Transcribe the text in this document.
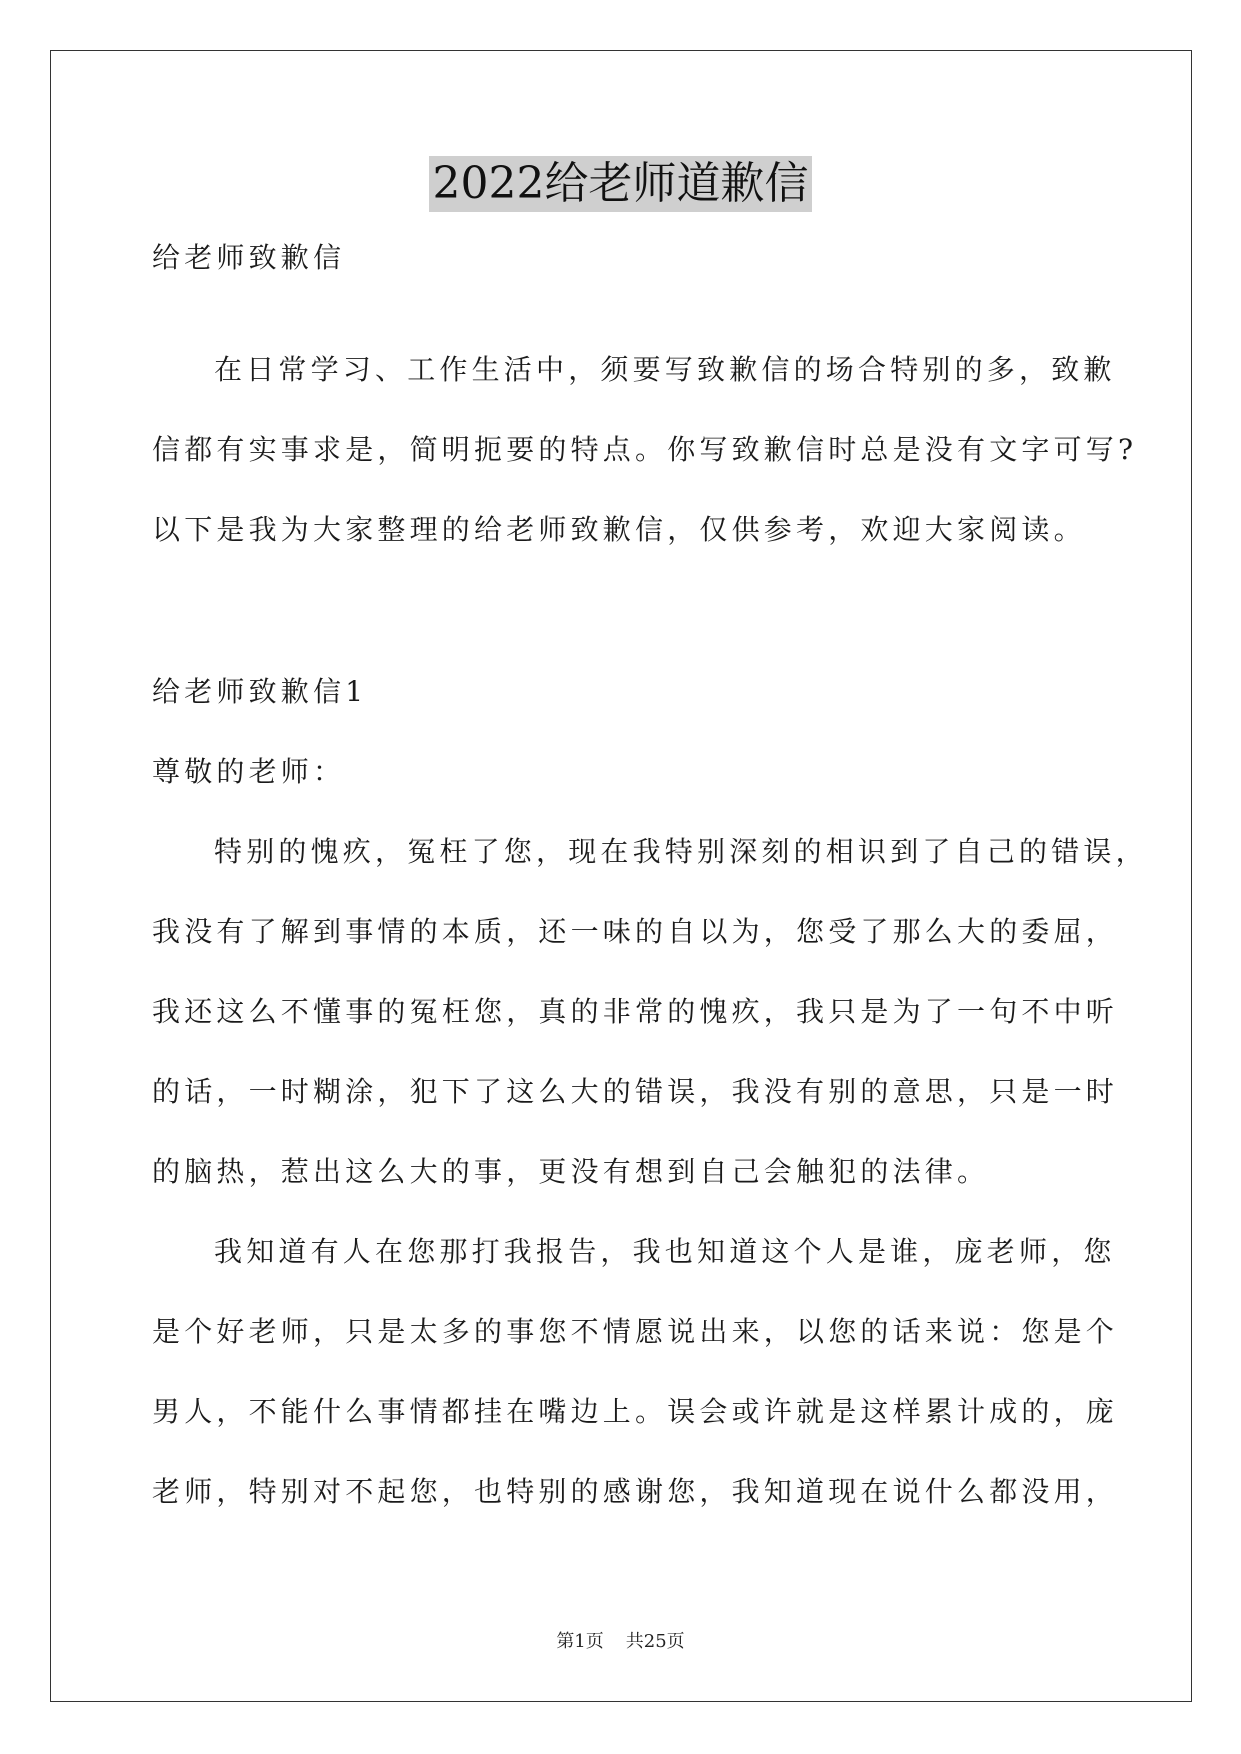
2022给老师道歉信
给老师致歉信
在日常学习、工作生活中，须要写致歉信的场合特别的多，致歉
信都有实事求是，简明扼要的特点。你写致歉信时总是没有文字可写?
以下是我为大家整理的给老师致歉信，仅供参考，欢迎大家阅读。
给老师致歉信1
尊敬的老师：
特别的愧疚，冤枉了您，现在我特别深刻的相识到了自己的错误，
我没有了解到事情的本质，还一味的自以为，您受了那么大的委屈，
我还这么不懂事的冤枉您，真的非常的愧疚，我只是为了一句不中听
的话，一时糊涂，犯下了这么大的错误，我没有别的意思，只是一时
的脑热，惹出这么大的事，更没有想到自己会触犯的法律。
我知道有人在您那打我报告，我也知道这个人是谁，庞老师，您
是个好老师，只是太多的事您不情愿说出来，以您的话来说：您是个
男人，不能什么事情都挂在嘴边上。误会或许就是这样累计成的，庞
老师，特别对不起您，也特别的感谢您，我知道现在说什么都没用，
第1页 共25页
